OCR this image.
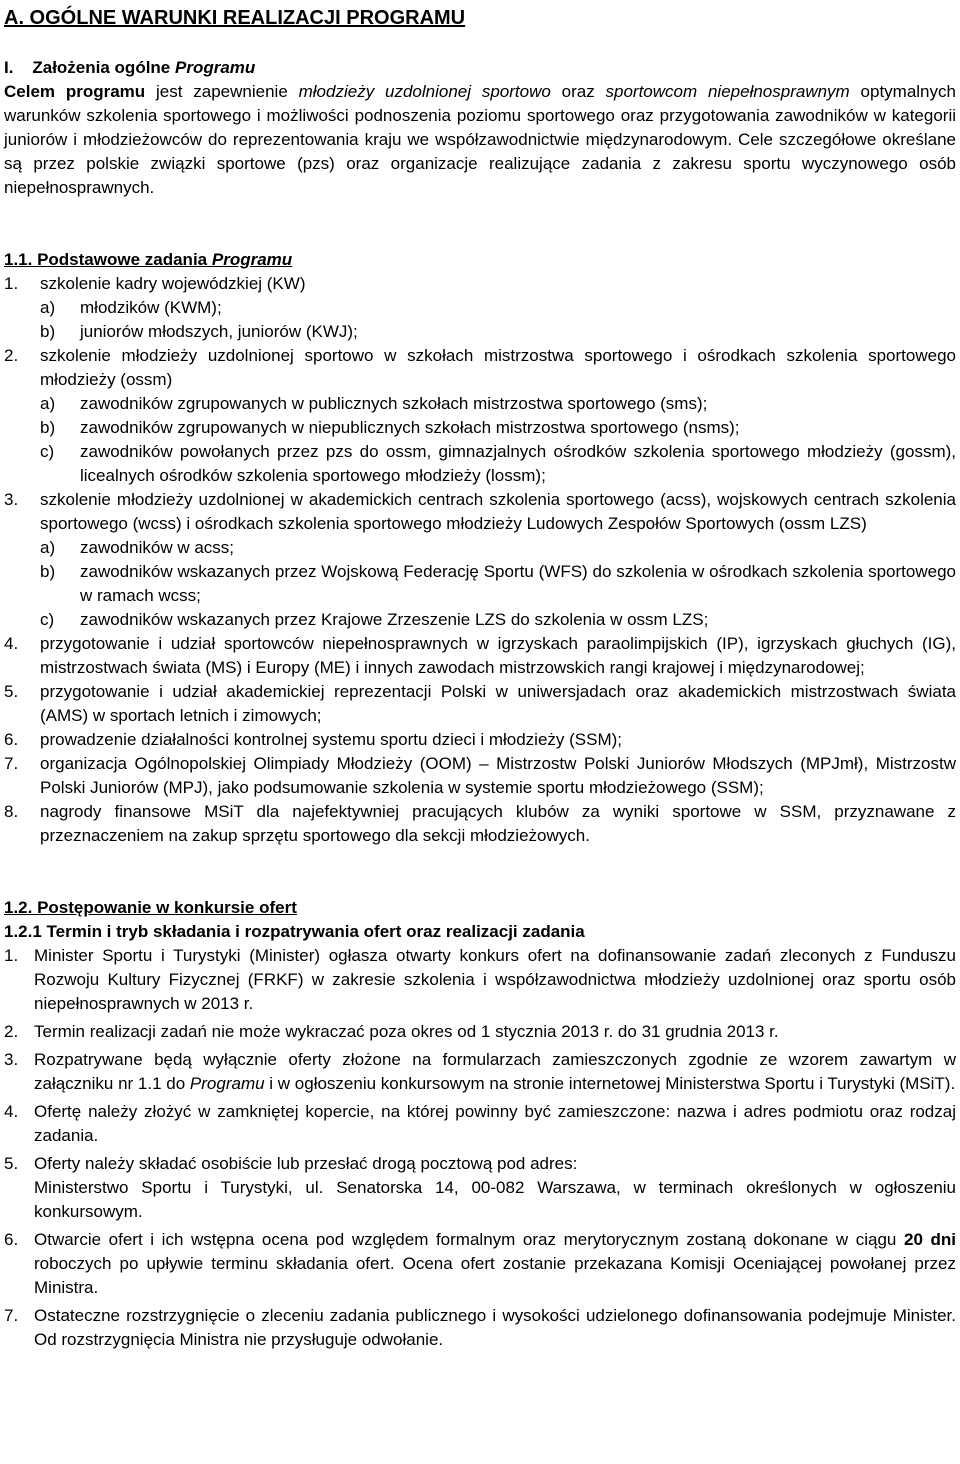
A. OGÓLNE WARUNKI REALIZACJI PROGRAMU
I. Założenia ogólne Programu

Celem programu jest zapewnienie młodzieży uzdolnionej sportowo oraz sportowcom niepełnosprawnym optymalnych warunków szkolenia sportowego i możliwości podnoszenia poziomu sportowego oraz przygotowania zawodników w kategorii juniorów i młodzieżowców do reprezentowania kraju we współzawodnictwie międzynarodowym. Cele szczegółowe określane są przez polskie związki sportowe (pzs) oraz organizacje realizujące zadania z zakresu sportu wyczynowego osób niepełnosprawnych.

1.1. Podstawowe zadania Programu
1.	szkolenie kadry wojewódzkiej (KW)
a)	młodzików (KWM);
b)	juniorów młodszych, juniorów (KWJ);
2.	szkolenie młodzieży uzdolnionej sportowo w szkołach mistrzostwa sportowego i ośrodkach szkolenia sportowego młodzieży (ossm)
a)	zawodników zgrupowanych w publicznych szkołach mistrzostwa sportowego (sms);
b)	zawodników zgrupowanych w niepublicznych szkołach mistrzostwa sportowego (nsms);
c)	zawodników powołanych przez pzs do ossm, gimnazjalnych ośrodków szkolenia sportowego młodzieży (gossm), licealnych ośrodków szkolenia sportowego młodzieży (lossm);
3.	szkolenie młodzieży uzdolnionej w akademickich centrach szkolenia sportowego (acss), wojskowych centrach szkolenia sportowego (wcss) i ośrodkach szkolenia sportowego młodzieży Ludowych Zespołów Sportowych (ossm LZS)
a)	zawodników w acss;
b)	zawodników wskazanych przez Wojskową Federację Sportu (WFS) do szkolenia w ośrodkach szkolenia sportowego w ramach wcss;
c)	zawodników wskazanych przez Krajowe Zrzeszenie LZS do szkolenia w ossm LZS;
4.	przygotowanie i udział sportowców niepełnosprawnych w igrzyskach paraolimpijskich (IP), igrzyskach głuchych (IG), mistrzostwach świata (MS) i Europy (ME) i innych zawodach mistrzowskich rangi krajowej i międzynarodowej;
5.	przygotowanie i udział akademickiej reprezentacji Polski w uniwersjadach oraz akademickich mistrzostwach świata (AMS) w sportach letnich i zimowych;
6.	prowadzenie działalności kontrolnej systemu sportu dzieci i młodzieży (SSM);
7.	organizacja Ogólnopolskiej Olimpiady Młodzieży (OOM) – Mistrzostw Polski Juniorów Młodszych (MPJmł), Mistrzostw Polski Juniorów (MPJ), jako podsumowanie szkolenia w systemie sportu młodzieżowego (SSM);
8.	nagrody finansowe MSiT dla najefektywniej pracujących klubów za wyniki sportowe w SSM, przyznawane z przeznaczeniem na zakup sprzętu sportowego dla sekcji młodzieżowych.
1.2. Postępowanie w konkursie ofert
1.2.1 Termin i tryb składania i rozpatrywania ofert oraz realizacji zadania
1. Minister Sportu i Turystyki (Minister) ogłasza otwarty konkurs ofert na dofinansowanie zadań zleconych z Funduszu Rozwoju Kultury Fizycznej (FRKF) w zakresie szkolenia i współzawodnictwa młodzieży uzdolnionej oraz sportu osób niepełnosprawnych w 2013 r.
2. Termin realizacji zadań nie może wykraczać poza okres od 1 stycznia 2013 r. do 31 grudnia 2013 r.
3. Rozpatrywane będą wyłącznie oferty złożone na formularzach zamieszczonych zgodnie ze wzorem zawartym w załączniku nr 1.1 do Programu i w ogłoszeniu konkursowym na stronie internetowej Ministerstwa Sportu i Turystyki (MSiT).
4. Ofertę należy złożyć w zamkniętej kopercie, na której powinny być zamieszczone: nazwa i adres podmiotu oraz rodzaj zadania.
5. Oferty należy składać osobiście lub przesłać drogą pocztową pod adres:
Ministerstwo Sportu i Turystyki, ul. Senatorska 14, 00-082 Warszawa, w terminach określonych w ogłoszeniu konkursowym.
6. Otwarcie ofert i ich wstępna ocena pod względem formalnym oraz merytorycznym zostaną dokonane w ciągu 20 dni roboczych po upływie terminu składania ofert. Ocena ofert zostanie przekazana Komisji Oceniającej powołanej przez Ministra.
7. Ostateczne rozstrzygnięcie o zleceniu zadania publicznego i wysokości udzielonego dofinansowania podejmuje Minister. Od rozstrzygnięcia Ministra nie przysługuje odwołanie.
